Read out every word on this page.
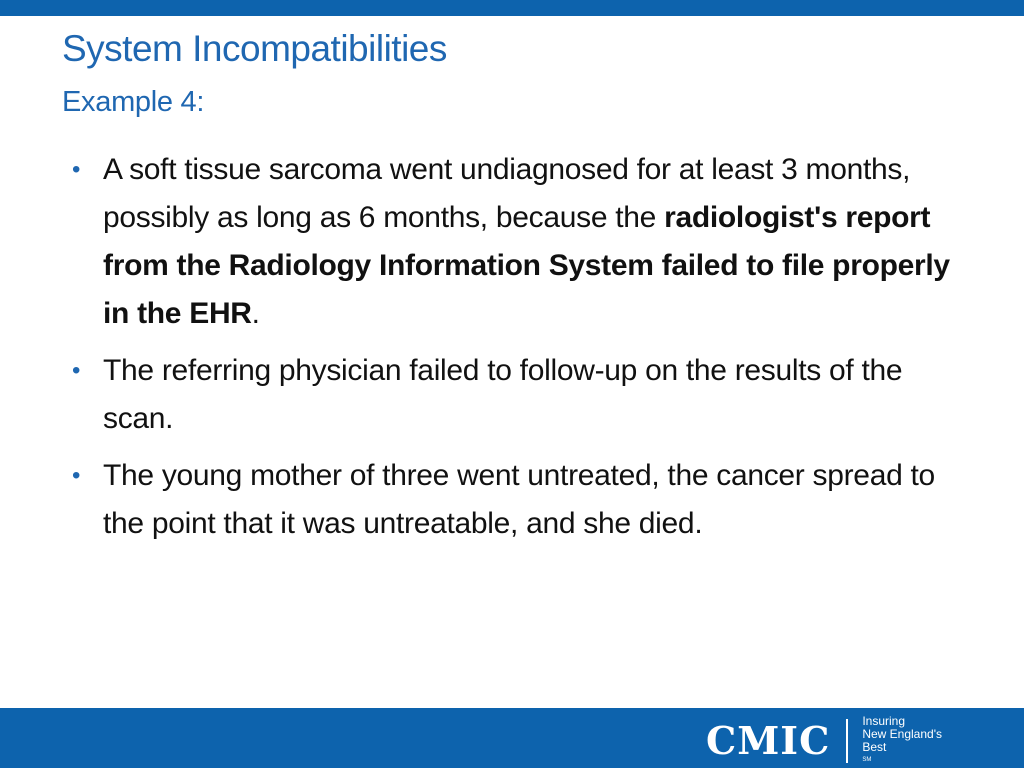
System Incompatibilities
Example 4:
• A soft tissue sarcoma went undiagnosed for at least 3 months, possibly as long as 6 months, because the radiologist's report from the Radiology Information System failed to file properly in the EHR.
• The referring physician failed to follow-up on the results of the scan.
• The young mother of three went untreated, the cancer spread to the point that it was untreatable, and she died.
CMIC	Insuring
New England's
Best
SM
